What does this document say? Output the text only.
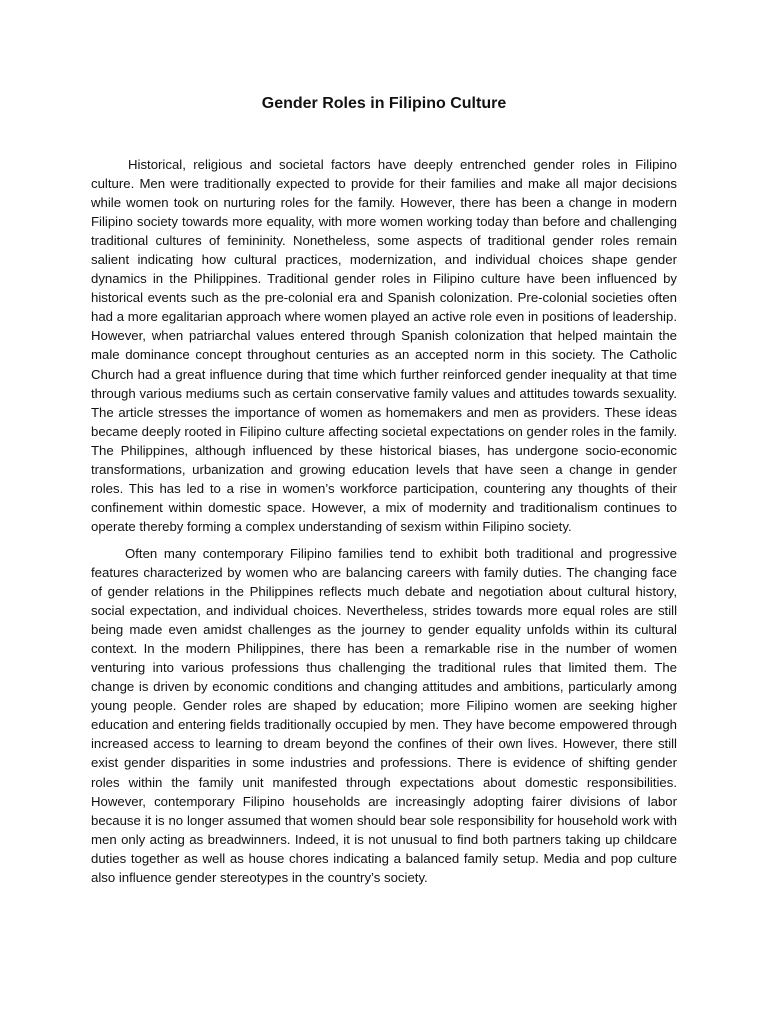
Gender Roles in Filipino Culture

Historical, religious and societal factors have deeply entrenched gender roles in Filipino culture. Men were traditionally expected to provide for their families and make all major decisions while women took on nurturing roles for the family. However, there has been a change in modern Filipino society towards more equality, with more women working today than before and challenging traditional cultures of femininity. Nonetheless, some aspects of traditional gender roles remain salient indicating how cultural practices, modernization, and individual choices shape gender dynamics in the Philippines. Traditional gender roles in Filipino culture have been influenced by historical events such as the pre-colonial era and Spanish colonization. Pre-colonial societies often had a more egalitarian approach where women played an active role even in positions of leadership. However, when patriarchal values entered through Spanish colonization that helped maintain the male dominance concept throughout centuries as an accepted norm in this society. The Catholic Church had a great influence during that time which further reinforced gender inequality at that time through various mediums such as certain conservative family values and attitudes towards sexuality. The article stresses the importance of women as homemakers and men as providers. These ideas became deeply rooted in Filipino culture affecting societal expectations on gender roles in the family. The Philippines, although influenced by these historical biases, has undergone socio-economic transformations, urbanization and growing education levels that have seen a change in gender roles. This has led to a rise in women’s workforce participation, countering any thoughts of their confinement within domestic space. However, a mix of modernity and traditionalism continues to operate thereby forming a complex understanding of sexism within Filipino society.

Often many contemporary Filipino families tend to exhibit both traditional and progressive features characterized by women who are balancing careers with family duties. The changing face of gender relations in the Philippines reflects much debate and negotiation about cultural history, social expectation, and individual choices. Nevertheless, strides towards more equal roles are still being made even amidst challenges as the journey to gender equality unfolds within its cultural context. In the modern Philippines, there has been a remarkable rise in the number of women venturing into various professions thus challenging the traditional rules that limited them. The change is driven by economic conditions and changing attitudes and ambitions, particularly among young people. Gender roles are shaped by education; more Filipino women are seeking higher education and entering fields traditionally occupied by men. They have become empowered through increased access to learning to dream beyond the confines of their own lives. However, there still exist gender disparities in some industries and professions. There is evidence of shifting gender roles within the family unit manifested through expectations about domestic responsibilities. However, contemporary Filipino households are increasingly adopting fairer divisions of labor because it is no longer assumed that women should bear sole responsibility for household work with men only acting as breadwinners. Indeed, it is not unusual to find both partners taking up childcare duties together as well as house chores indicating a balanced family setup. Media and pop culture also influence gender stereotypes in the country’s society.
